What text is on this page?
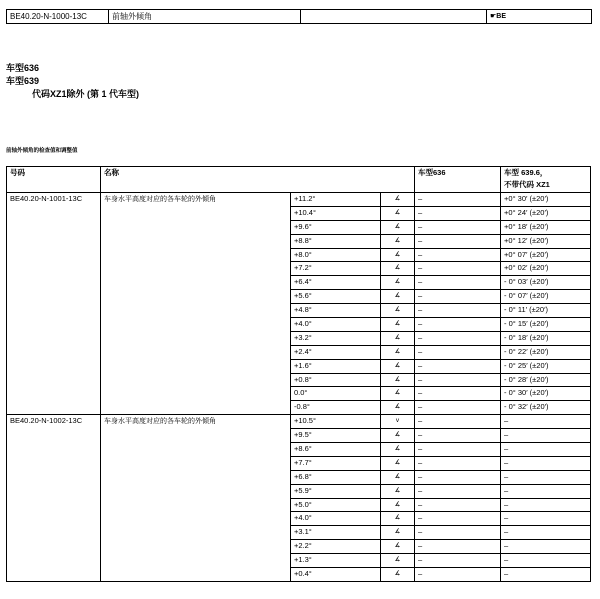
BE40.20-N-1000-13C	前轴外倾角	☛BE
车型636
车型639
代码XZ1除外 (第 1 代车型)
前轴外倾角的检查值和调整值
号码	名称			车型636	车型 639.6，
不带代码 XZ1

BE40.20-N-1001-13C	车身水平高度对应的各车轮的外倾角	+11.2°	∡	–	+0° 30′ (±20′)
		+10.4°	∡	–	+0° 24′ (±20′)
		+9.6°	∡	–	+0° 18′ (±20′)
		+8.8°	∡	–	+0° 12′ (±20′)
		+8.0°	∡	–	+0° 07′ (±20′)
		+7.2°	∡	–	+0° 02′ (±20′)
		+6.4°	∡	–	- 0° 03′ (±20′)
		+5.6°	∡	–	- 0° 07′ (±20′)
		+4.8°	∡	–	- 0° 11′ (±20′)
		+4.0°	∡	–	- 0° 15′ (±20′)
		+3.2°	∡	–	- 0° 18′ (±20′)
		+2.4°	∡	–	- 0° 22′ (±20′)
		+1.6°	∡	–	- 0° 25′ (±20′)
		+0.8°	∡	–	- 0° 28′ (±20′)
		0.0°	∡	–	- 0° 30′ (±20′)
		-0.8°	∡	–	- 0° 32′ (±20′)
BE40.20-N-1002-13C	车身水平高度对应的各车轮的外倾角	+10.5°	v	–	–
		+9.5°	∡	–	–
		+8.6°	∡	–	–
		+7.7°	∡	–	–
		+6.8°	∡	–	–
		+5.9°	∡	–	–
		+5.0°	∡	–	–
		+4.0°	∡	–	–
		+3.1°	∡	–	–
		+2.2°	∡	–	–
		+1.3°	∡	–	–
		+0.4°	∡	–	–
